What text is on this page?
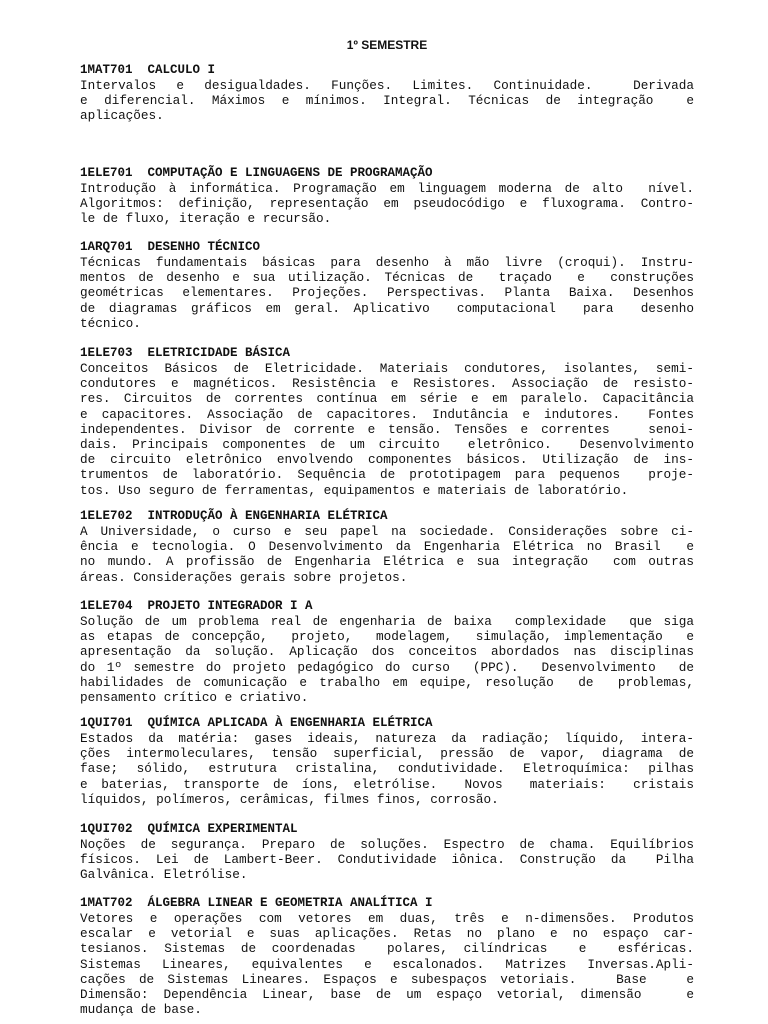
1º SEMESTRE
1MAT701  CALCULO I
Intervalos e desigualdades. Funções. Limites. Continuidade.  Derivada
e diferencial. Máximos e mínimos. Integral. Técnicas de integração  e
aplicações.
1ELE701  COMPUTAÇÃO E LINGUAGENS DE PROGRAMAÇÃO
Introdução à informática. Programação em linguagem moderna de alto  nível.
Algoritmos: definição, representação em pseudocódigo e fluxograma. Contro-
le de fluxo, iteração e recursão.
1ARQ701  DESENHO TÉCNICO
Técnicas fundamentais básicas para desenho à mão livre (croqui). Instru-
mentos de desenho e sua utilização. Técnicas de  traçado  e  construções
geométricas elementares. Projeções. Perspectivas. Planta Baixa. Desenhos
de diagramas gráficos em geral. Aplicativo  computacional  para  desenho
técnico.
1ELE703  ELETRICIDADE BÁSICA
Conceitos Básicos de Eletricidade. Materiais condutores, isolantes, semi-
condutores e magnéticos. Resistência e Resistores. Associação de resisto-
res. Circuitos de correntes contínua em série e em paralelo. Capacitância
e capacitores. Associação de capacitores. Indutância e indutores.  Fontes
independentes. Divisor de corrente e tensão. Tensões e correntes   senoi-
dais. Principais componentes de um circuito  eletrônico.  Desenvolvimento
de circuito eletrônico envolvendo componentes básicos. Utilização de ins-
trumentos de laboratório. Sequência de prototipagem para pequenos  proje-
tos. Uso seguro de ferramentas, equipamentos e materiais de laboratório.
1ELE702  INTRODUÇÃO À ENGENHARIA ELÉTRICA
A Universidade, o curso e seu papel na sociedade. Considerações sobre ci-
ência e tecnologia. O Desenvolvimento da Engenharia Elétrica no Brasil  e
no mundo. A profissão de Engenharia Elétrica e sua integração  com outras
áreas. Considerações gerais sobre projetos.
1ELE704  PROJETO INTEGRADOR I A
Solução de um problema real de engenharia de baixa  complexidade  que siga
as etapas de concepção,  projeto,  modelagem,  simulação, implementação  e
apresentação da solução. Aplicação dos conceitos abordados nas disciplinas
do 1º semestre do projeto pedagógico do curso  (PPC).  Desenvolvimento  de
habilidades de comunicação e trabalho em equipe, resolução  de  problemas,
pensamento crítico e criativo.
1QUI701  QUÍMICA APLICADA À ENGENHARIA ELÉTRICA
Estados da matéria: gases ideais, natureza da radiação; líquido, intera-
ções intermoleculares, tensão superficial, pressão de vapor, diagrama de
fase; sólido, estrutura cristalina, condutividade. Eletroquímica: pilhas
e baterias, transporte de íons, eletrólise.  Novos  materiais:  cristais
líquidos, polímeros, cerâmicas, filmes finos, corrosão.
1QUI702  QUÍMICA EXPERIMENTAL
Noções de segurança. Preparo de soluções. Espectro de chama. Equilíbrios
físicos. Lei de Lambert-Beer. Condutividade iônica. Construção da  Pilha
Galvânica. Eletrólise.
1MAT702  ÁLGEBRA LINEAR E GEOMETRIA ANALÍTICA I
Vetores e operações com vetores em duas, três e n-dimensões. Produtos
escalar e vetorial e suas aplicações. Retas no plano e no espaço car-
tesianos. Sistemas de coordenadas  polares, cilíndricas  e  esféricas.
Sistemas Lineares, equivalentes e escalonados. Matrizes Inversas.Apli-
cações de Sistemas Lineares. Espaços e subespaços vetoriais.   Base   e
Dimensão: Dependência Linear, base de um espaço vetorial, dimensão   e
mudança de base.
